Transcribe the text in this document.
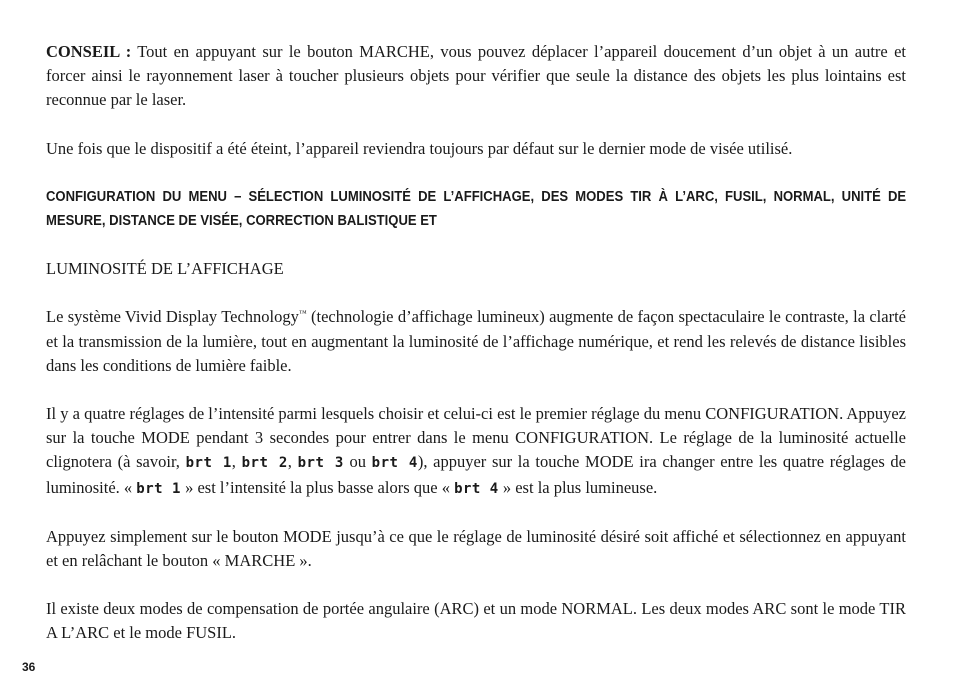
CONSEIL : Tout en appuyant sur le bouton MARCHE, vous pouvez déplacer l’appareil doucement d’un objet à un autre et forcer ainsi le rayonnement laser à toucher plusieurs objets pour vérifier que seule la distance des objets les plus lointains est reconnue par le laser.

Une fois que le dispositif a été éteint, l’appareil reviendra toujours par défaut sur le dernier mode de visée utilisé.

CONFIGURATION DU MENU – SÉLECTION LUMINOSITÉ DE L’AFFICHAGE, DES MODES TIR À L’ARC, FUSIL, NORMAL, UNITÉ DE MESURE, DISTANCE DE VISÉE, CORRECTION BALISTIQUE ET

LUMINOSITÉ DE L’AFFICHAGE

Le système Vivid Display Technology™ (technologie d’affichage lumineux) augmente de façon spectaculaire le contraste, la clarté et la transmission de la lumière, tout en augmentant la luminosité de l’affichage numérique, et rend les relevés de distance lisibles dans les conditions de lumière faible.

Il y a quatre réglages de l’intensité parmi lesquels choisir et celui-ci est le premier réglage du menu CONFIGURATION. Appuyez sur la touche MODE pendant 3 secondes pour entrer dans le menu CONFIGURATION. Le réglage de la luminosité actuelle clignotera (à savoir, brt 1, brt 2, brt 3 ou brt 4), appuyer sur la touche MODE ira changer entre les quatre réglages de luminosité. « brt 1 » est l’intensité la plus basse alors que « brt 4 » est la plus lumineuse.

Appuyez simplement sur le bouton MODE jusqu’à ce que le réglage de luminosité désiré soit affiché et sélectionnez en appuyant et en relâchant le bouton « MARCHE ».

Il existe deux modes de compensation de portée angulaire (ARC) et un mode NORMAL. Les deux modes ARC sont le mode TIR A L’ARC et le mode FUSIL.

36
